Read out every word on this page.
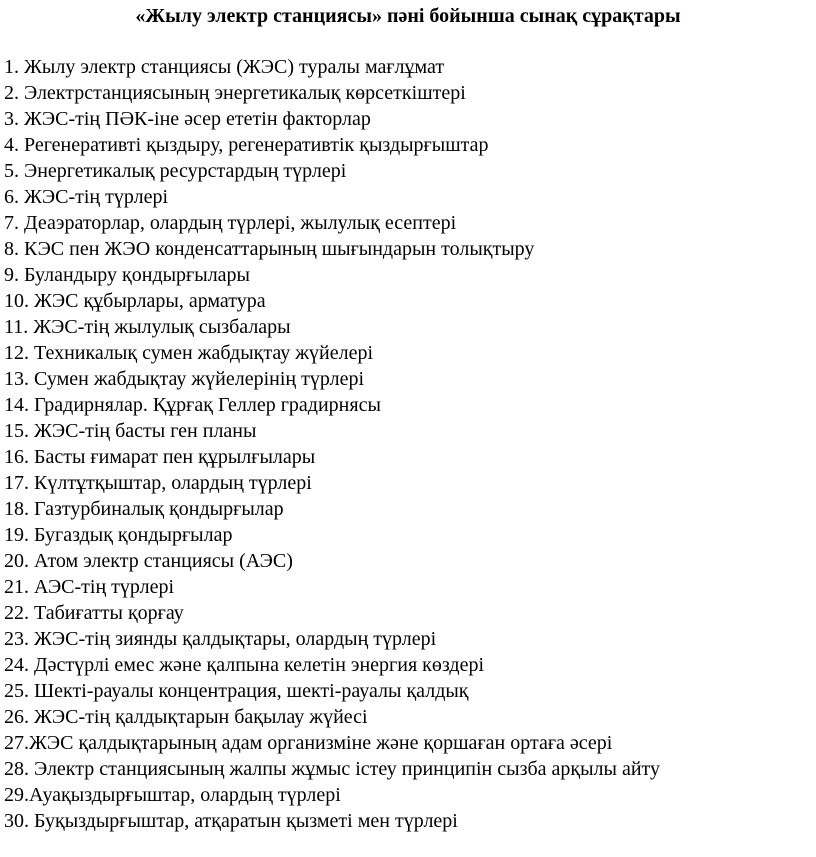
«Жылу электр станциясы» пәні бойынша сынақ сұрақтары
1. Жылу электр станциясы (ЖЭС) туралы мағлұмат
2. Электрстанциясының энергетикалық көрсеткіштері
3. ЖЭС-тің ПӘК-іне әсер ететін факторлар
4. Регенеративті қыздыру, регенеративтік қыздырғыштар
5. Энергетикалық ресурстардың түрлері
6. ЖЭС-тің түрлері
7. Деаэраторлар, олардың түрлері, жылулық есептері
8. КЭС пен ЖЭО конденсаттарының шығындарын толықтыру
9. Буландыру қондырғылары
10. ЖЭС құбырлары, арматура
11. ЖЭС-тің жылулық сызбалары
12. Техникалық сумен жабдықтау жүйелері
13. Сумен жабдықтау жүйелерінің түрлері
14. Градирнялар. Құрғақ Геллер градирнясы
15. ЖЭС-тің басты ген планы
16. Басты ғимарат пен құрылғылары
17. Күлтұтқыштар, олардың түрлері
18. Газтурбиналық қондырғылар
19. Бугаздық қондырғылар
20. Атом электр станциясы (АЭС)
21. АЭС-тің түрлері
22. Табиғатты қорғау
23. ЖЭС-тің зиянды қалдықтары, олардың түрлері
24. Дәстүрлі емес және қалпына келетін энергия көздері
25. Шекті-рауалы концентрация, шекті-рауалы қалдық
26. ЖЭС-тің қалдықтарын бақылау жүйесі
27.ЖЭС қалдықтарының адам организміне және қоршаған ортаға әсері
28. Электр станциясының жалпы жұмыс істеу принципін сызба арқылы айту
29.Ауақыздырғыштар, олардың түрлері
30. Буқыздырғыштар, атқаратын қызметі мен түрлері
